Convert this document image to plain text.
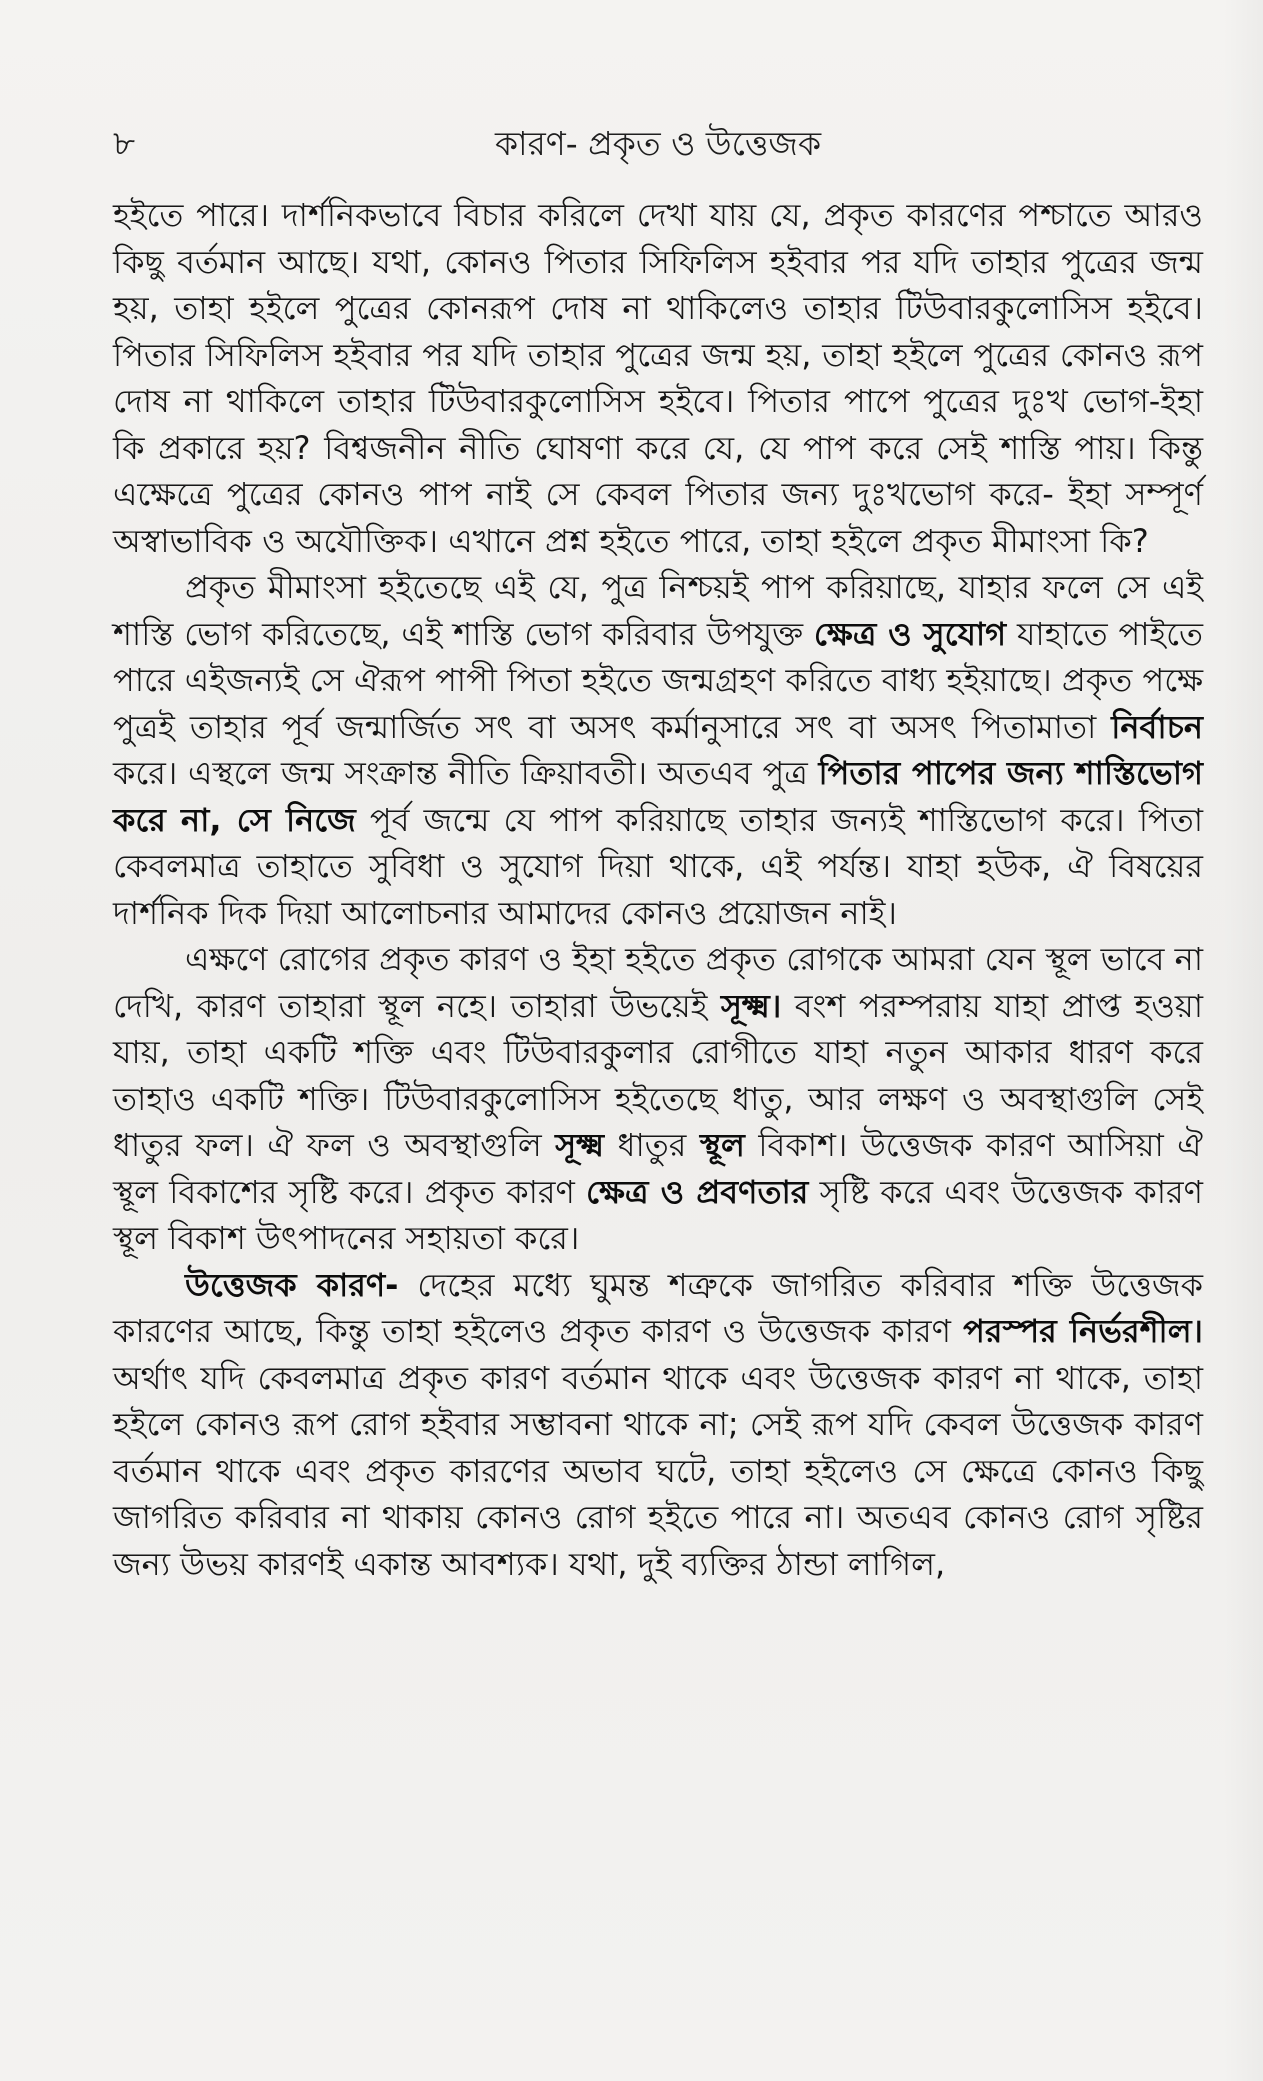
৮	কারণ- প্রকৃত ও উত্তেজক

হইতে পারে। দার্শনিকভাবে বিচার করিলে দেখা যায় যে, প্রকৃত কারণের পশ্চাতে আরও কিছু বর্তমান আছে। যথা, কোনও পিতার সিফিলিস হইবার পর যদি তাহার পুত্রের জন্ম হয়, তাহা হইলে পুত্রের কোনরূপ দোষ না থাকিলেও তাহার টিউবারকুলোসিস হইবে। পিতার সিফিলিস হইবার পর যদি তাহার পুত্রের জন্ম হয়, তাহা হইলে পুত্রের কোনও রূপ দোষ না থাকিলে তাহার টিউবারকুলোসিস হইবে। পিতার পাপে পুত্রের দুঃখ ভোগ-ইহা কি প্রকারে হয়? বিশ্বজনীন নীতি ঘোষণা করে যে, যে পাপ করে সেই শাস্তি পায়। কিন্তু এক্ষেত্রে পুত্রের কোনও পাপ নাই সে কেবল পিতার জন্য দুঃখভোগ করে- ইহা সম্পূর্ণ অস্বাভাবিক ও অযৌক্তিক। এখানে প্রশ্ন হইতে পারে, তাহা হইলে প্রকৃত মীমাংসা কি?

প্রকৃত মীমাংসা হইতেছে এই যে, পুত্র নিশ্চয়ই পাপ করিয়াছে, যাহার ফলে সে এই শাস্তি ভোগ করিতেছে, এই শাস্তি ভোগ করিবার উপযুক্ত ক্ষেত্র ও সুযোগ যাহাতে পাইতে পারে এইজন্যই সে ঐরূপ পাপী পিতা হইতে জন্মগ্রহণ করিতে বাধ্য হইয়াছে। প্রকৃত পক্ষে পুত্রই তাহার পূর্ব জন্মার্জিত সৎ বা অসৎ কর্মানুসারে সৎ বা অসৎ পিতামাতা নির্বাচন করে। এস্থলে জন্ম সংক্রান্ত নীতি ক্রিয়াবতী। অতএব পুত্র পিতার পাপের জন্য শাস্তিভোগ করে না, সে নিজে পূর্ব জন্মে যে পাপ করিয়াছে তাহার জন্যই শাস্তিভোগ করে। পিতা কেবলমাত্র তাহাতে সুবিধা ও সুযোগ দিয়া থাকে, এই পর্যন্ত। যাহা হউক, ঐ বিষয়ের দার্শনিক দিক দিয়া আলোচনার আমাদের কোনও প্রয়োজন নাই।

এক্ষণে রোগের প্রকৃত কারণ ও ইহা হইতে প্রকৃত রোগকে আমরা যেন স্থূল ভাবে না দেখি, কারণ তাহারা স্থূল নহে। তাহারা উভয়েই সূক্ষ্ম। বংশ পরম্পরায় যাহা প্রাপ্ত হওয়া যায়, তাহা একটি শক্তি এবং টিউবারকুলার রোগীতে যাহা নতুন আকার ধারণ করে তাহাও একটি শক্তি। টিউবারকুলোসিস হইতেছে ধাতু, আর লক্ষণ ও অবস্থাগুলি সেই ধাতুর ফল। ঐ ফল ও অবস্থাগুলি সূক্ষ্ম ধাতুর স্থূল বিকাশ। উত্তেজক কারণ আসিয়া ঐ স্থূল বিকাশের সৃষ্টি করে। প্রকৃত কারণ ক্ষেত্র ও প্রবণতার সৃষ্টি করে এবং উত্তেজক কারণ স্থূল বিকাশ উৎপাদনের সহায়তা করে।

উত্তেজক কারণ- দেহের মধ্যে ঘুমন্ত শত্রুকে জাগরিত করিবার শক্তি উত্তেজক কারণের আছে, কিন্তু তাহা হইলেও প্রকৃত কারণ ও উত্তেজক কারণ পরস্পর নির্ভরশীল। অর্থাৎ যদি কেবলমাত্র প্রকৃত কারণ বর্তমান থাকে এবং উত্তেজক কারণ না থাকে, তাহা হইলে কোনও রূপ রোগ হইবার সম্ভাবনা থাকে না; সেই রূপ যদি কেবল উত্তেজক কারণ বর্তমান থাকে এবং প্রকৃত কারণের অভাব ঘটে, তাহা হইলেও সে ক্ষেত্রে কোনও কিছু জাগরিত করিবার না থাকায় কোনও রোগ হইতে পারে না। অতএব কোনও রোগ সৃষ্টির জন্য উভয় কারণই একান্ত আবশ্যক। যথা, দুই ব্যক্তির ঠান্ডা লাগিল,
